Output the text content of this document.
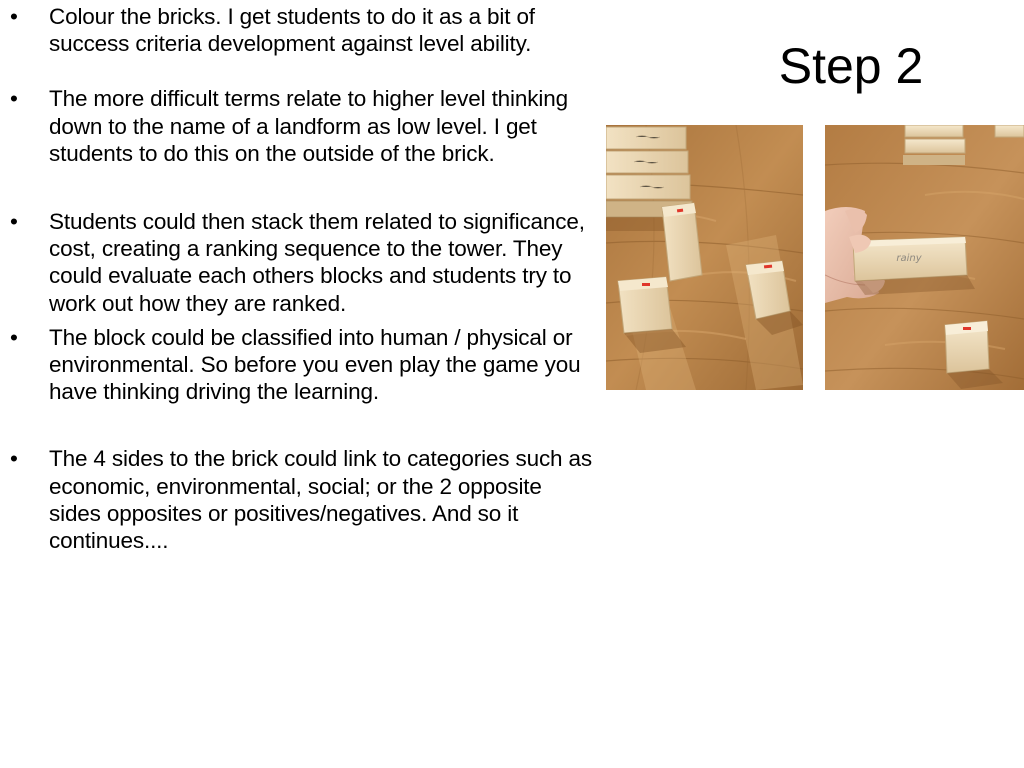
•	Colour the bricks. I get students to do it as a bit of success criteria development against level ability.
•	The more difficult terms relate to higher level thinking down to the name of a landform as low level. I get students to do this on the outside of the brick.
•	Students could then stack them related to significance, cost, creating a ranking sequence to the tower. They could evaluate each others blocks and students try to work out how they are ranked.
•	The block could be classified into human / physical or environmental. So before you even play the game you have thinking driving the learning.
•	The 4 sides to the brick could link to categories such as economic, environmental, social; or the 2 opposite sides opposites or positives/negatives. And so it continues....
Step 2
rainy
